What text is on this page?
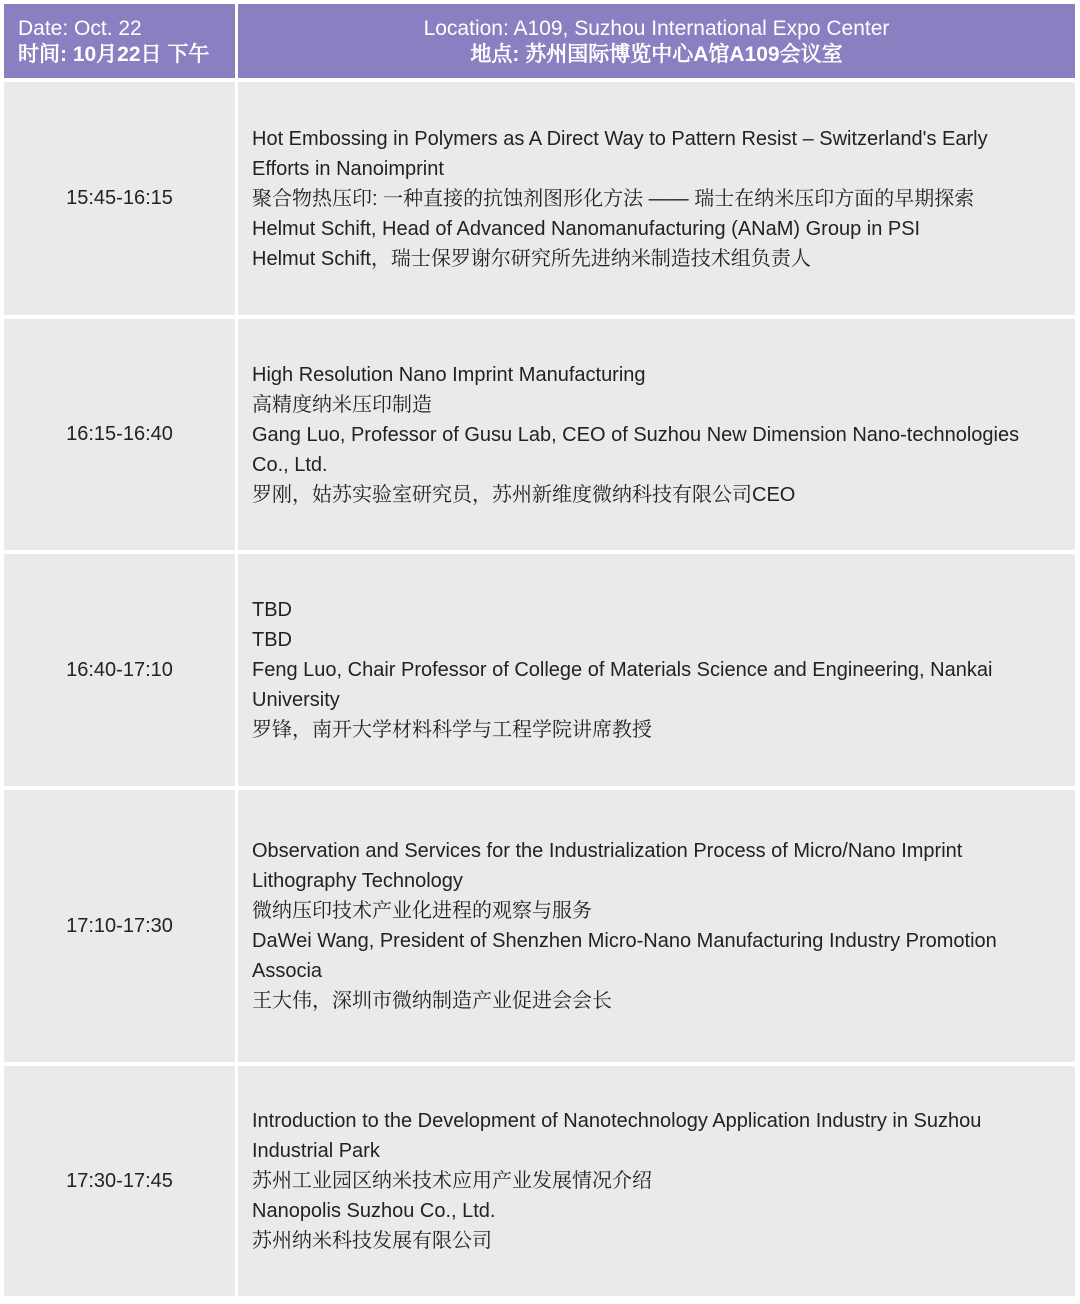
Date: Oct. 22
时间: 10月22日 下午
Location: A109, Suzhou International Expo Center
地点: 苏州国际博览中心A馆A109会议室
15:45-16:15
Hot Embossing in Polymers as A Direct Way to Pattern Resist – Switzerland's Early
Efforts in Nanoimprint
聚合物热压印: 一种直接的抗蚀剂图形化方法 —— 瑞士在纳米压印方面的早期探索
Helmut Schift, Head of Advanced Nanomanufacturing (ANaM) Group in PSI
Helmut Schift，瑞士保罗谢尔研究所先进纳米制造技术组负责人
16:15-16:40
High Resolution Nano Imprint Manufacturing
高精度纳米压印制造
Gang Luo, Professor of Gusu Lab, CEO of Suzhou New Dimension Nano-technologies
Co., Ltd.
罗刚，姑苏实验室研究员，苏州新维度微纳科技有限公司CEO
16:40-17:10
TBD
TBD
Feng Luo, Chair Professor of College of Materials Science and Engineering, Nankai
University
罗锋，南开大学材料科学与工程学院讲席教授
17:10-17:30
Observation and Services for the Industrialization Process of Micro/Nano Imprint
Lithography Technology
微纳压印技术产业化进程的观察与服务
DaWei Wang, President of Shenzhen Micro-Nano Manufacturing Industry Promotion
Associa
王大伟，深圳市微纳制造产业促进会会长
17:30-17:45
Introduction to the Development of Nanotechnology Application Industry in Suzhou
Industrial Park
苏州工业园区纳米技术应用产业发展情况介绍
Nanopolis Suzhou Co., Ltd.
苏州纳米科技发展有限公司
